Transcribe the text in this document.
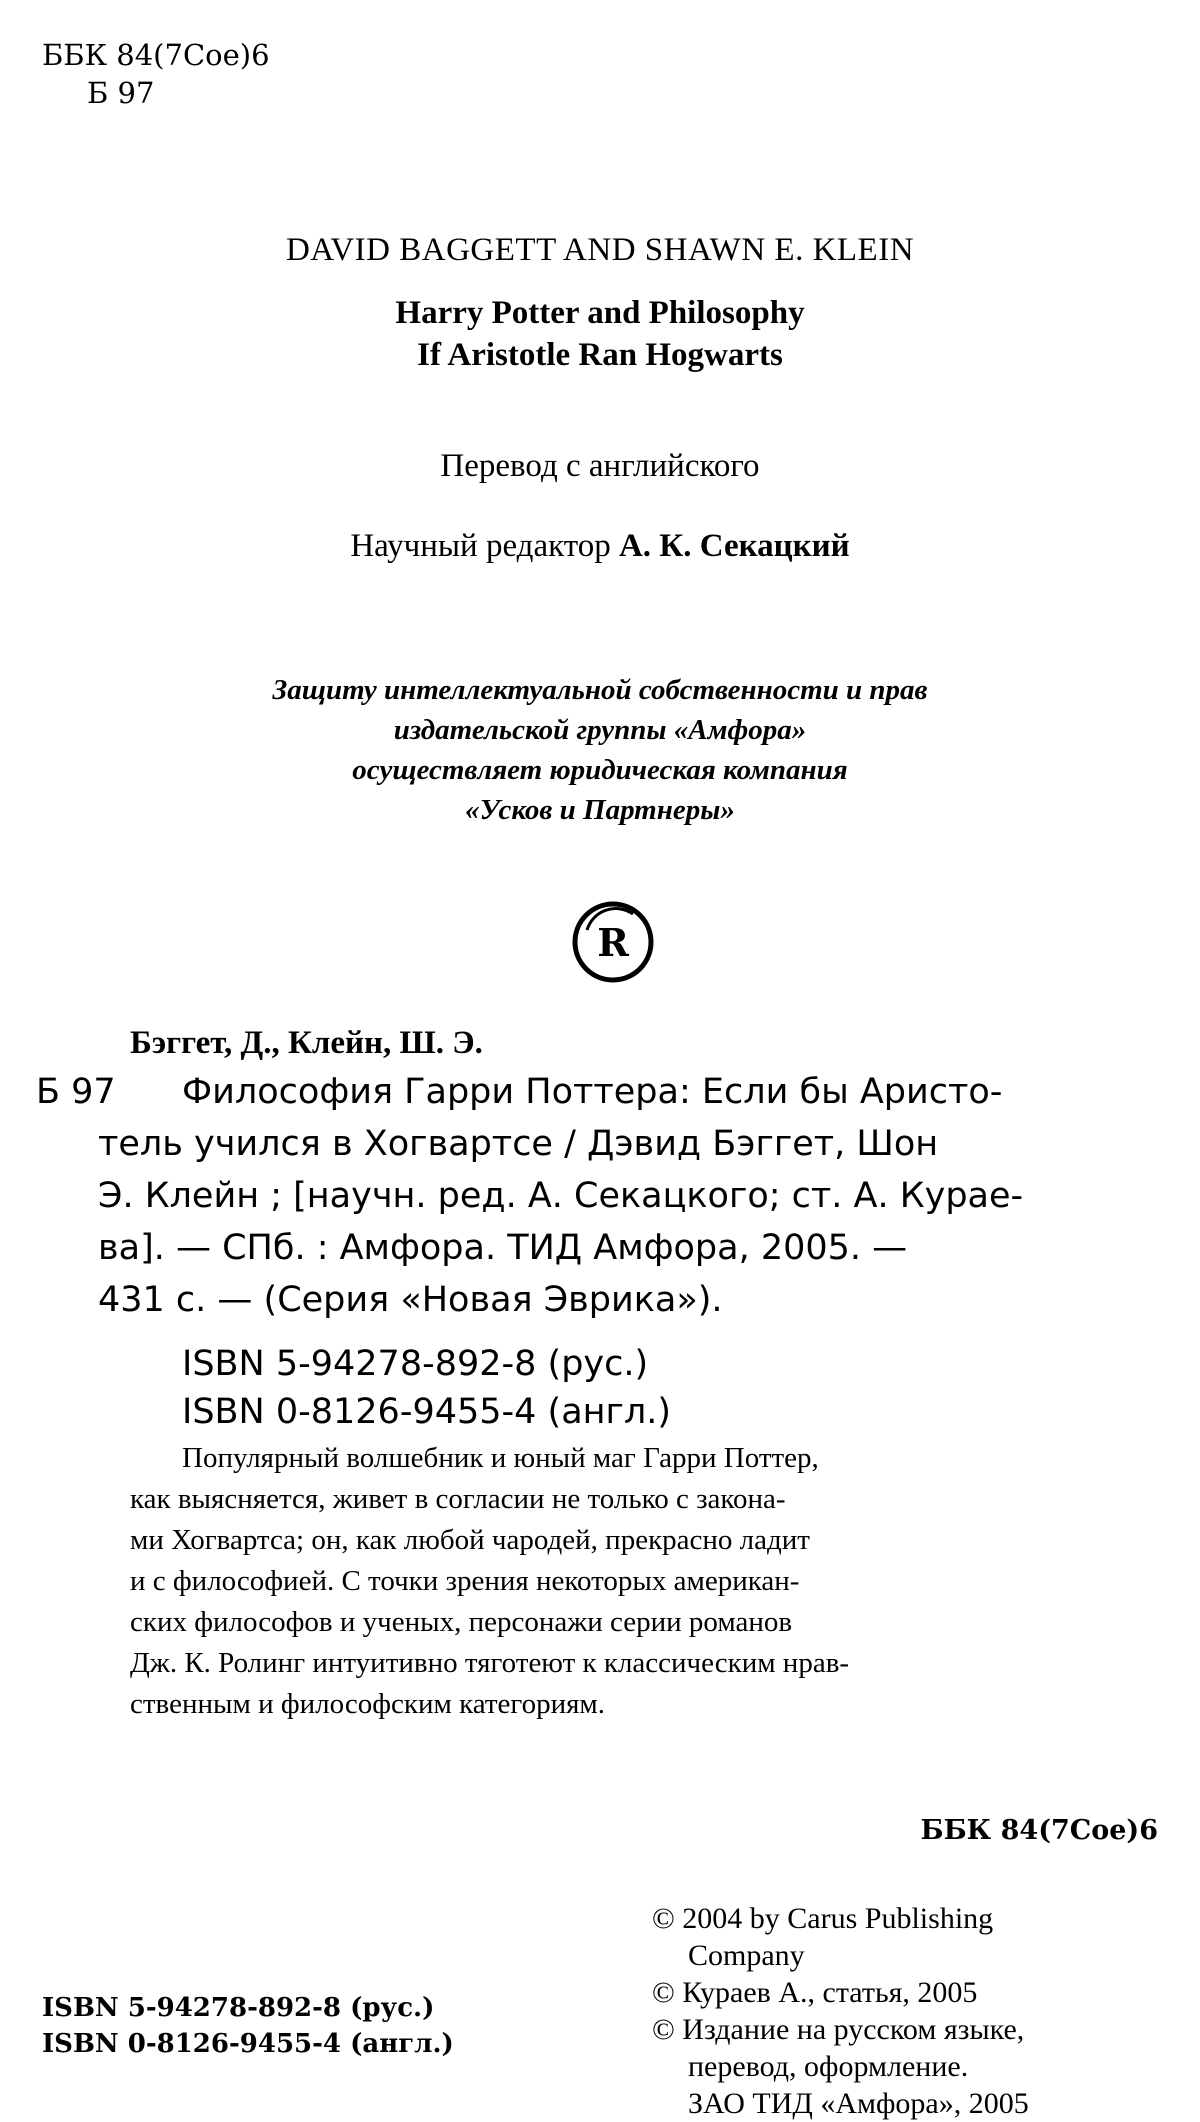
ББК 84(7Сое)6
Б 97
DAVID BAGGETT AND SHAWN E. KLEIN
Harry Potter and Philosophy
If Aristotle Ran Hogwarts
Перевод с английского
Научный редактор А. К. Секацкий
Защиту интеллектуальной собственности и прав
издательской группы «Амфора»
осуществляет юридическая компания
«Усков и Партнеры»
R
Бэггет, Д., Клейн, Ш. Э.
Б 97 Философия Гарри Поттера: Если бы Аристо-
тель учился в Хогвартсе / Дэвид Бэггет, Шон
Э. Клейн ; [научн. ред. А. Секацкого; ст. А. Курае-
ва]. — СПб. : Амфора. ТИД Амфора, 2005. —
431 с. — (Серия «Новая Эврика»).
ISBN 5-94278-892-8 (рус.)
ISBN 0-8126-9455-4 (англ.)
Популярный волшебник и юный маг Гарри Поттер,
как выясняется, живет в согласии не только с закона-
ми Хогвартса; он, как любой чародей, прекрасно ладит
и с философией. С точки зрения некоторых американ-
ских философов и ученых, персонажи серии романов
Дж. К. Ролинг интуитивно тяготеют к классическим нрав-
ственным и философским категориям.
ББК 84(7Сое)6
© 2004 by Carus Publishing
Company
© Кураев А., статья, 2005
© Издание на русском языке,
перевод, оформление.
ЗАО ТИД «Амфора», 2005
ISBN 5-94278-892-8 (рус.)
ISBN 0-8126-9455-4 (англ.)
